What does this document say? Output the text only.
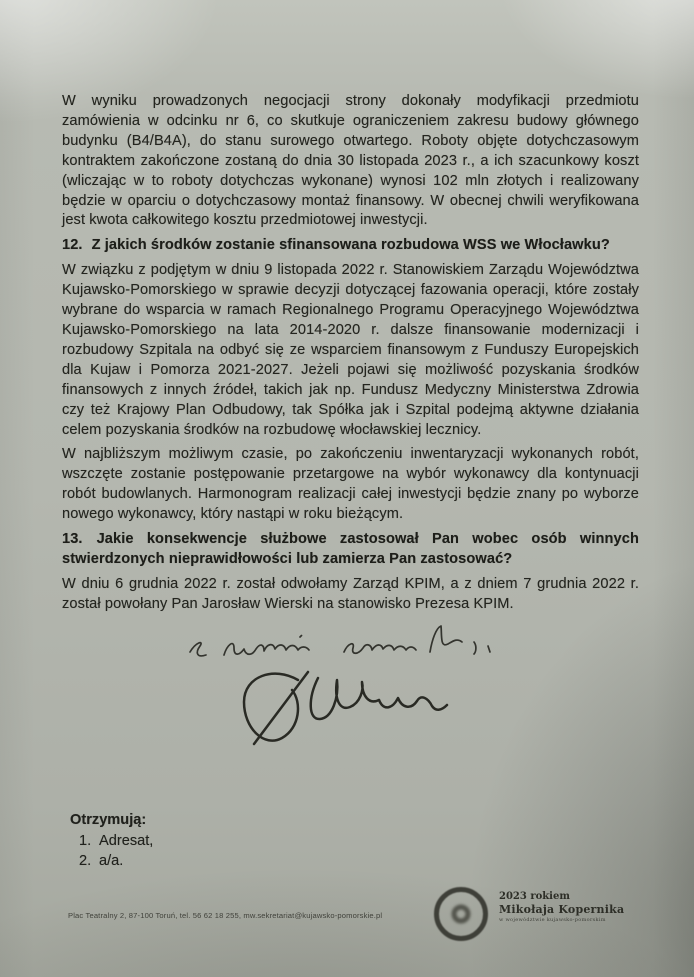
W wyniku prowadzonych negocjacji strony dokonały modyfikacji przedmiotu zamówienia w odcinku nr 6, co skutkuje ograniczeniem zakresu budowy głównego budynku (B4/B4A), do stanu surowego otwartego. Roboty objęte dotychczasowym kontraktem zakończone zostaną do dnia 30 listopada 2023 r., a ich szacunkowy koszt (wliczając w to roboty dotychczas wykonane) wynosi 102 mln złotych i realizowany będzie w oparciu o dotychczasowy montaż finansowy. W obecnej chwili weryfikowana jest kwota całkowitego kosztu przedmiotowej inwestycji.

12. Z jakich środków zostanie sfinansowana rozbudowa WSS we Włocławku?

W związku z podjętym w dniu 9 listopada 2022 r. Stanowiskiem Zarządu Województwa Kujawsko-Pomorskiego w sprawie decyzji dotyczącej fazowania operacji, które zostały wybrane do wsparcia w ramach Regionalnego Programu Operacyjnego Województwa Kujawsko-Pomorskiego na lata 2014-2020 r. dalsze finansowanie modernizacji i rozbudowy Szpitala na odbyć się ze wsparciem finansowym z Funduszy Europejskich dla Kujaw i Pomorza 2021-2027. Jeżeli pojawi się możliwość pozyskania środków finansowych z innych źródeł, takich jak np. Fundusz Medyczny Ministerstwa Zdrowia czy też Krajowy Plan Odbudowy, tak Spółka jak i Szpital podejmą aktywne działania celem pozyskania środków na rozbudowę włocławskiej lecznicy.

W najbliższym możliwym czasie, po zakończeniu inwentaryzacji wykonanych robót, wszczęte zostanie postępowanie przetargowe na wybór wykonawcy dla kontynuacji robót budowlanych. Harmonogram realizacji całej inwestycji będzie znany po wyborze nowego wykonawcy, który nastąpi w roku bieżącym.

13. Jakie konsekwencje służbowe zastosował Pan wobec osób winnych stwierdzonych nieprawidłowości lub zamierza Pan zastosować?

W dniu 6 grudnia 2022 r. został odwołamy Zarząd KPIM, a z dniem 7 grudnia 2022 r. został powołany Pan Jarosław Wierski na stanowisko Prezesa KPIM.

Otrzymują:
1. Adresat,
2. a/a.
Plac Teatralny 2, 87-100 Toruń, tel. 56 62 18 255, mw.sekretariat@kujawsko-pomorskie.pl
2023 rokiem
Mikołaja Kopernika
w województwie kujawsko-pomorskim
